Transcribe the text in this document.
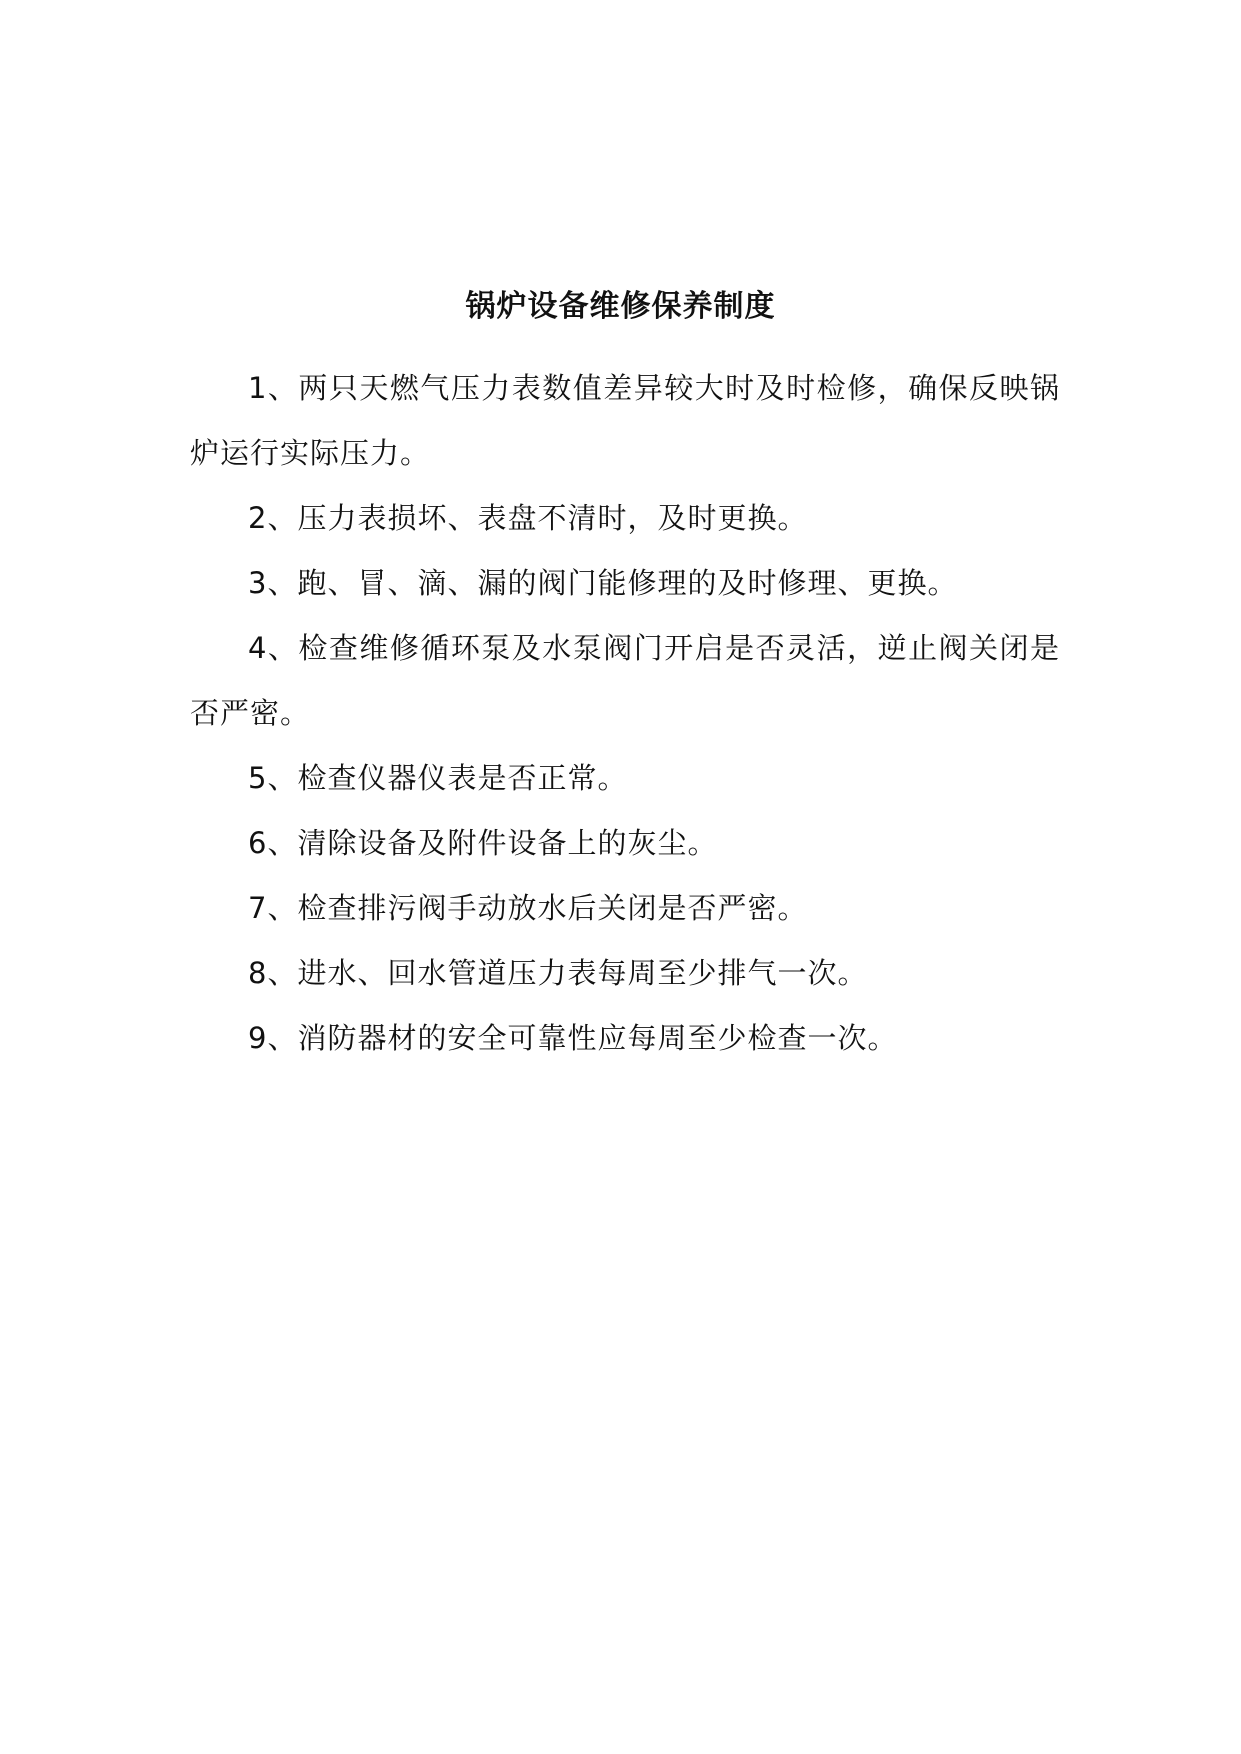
锅炉设备维修保养制度

1、两只天燃气压力表数值差异较大时及时检修，确保反映锅炉运行实际压力。

2、压力表损坏、表盘不清时，及时更换。

3、跑、冒、滴、漏的阀门能修理的及时修理、更换。

4、检查维修循环泵及水泵阀门开启是否灵活，逆止阀关闭是否严密。

5、检查仪器仪表是否正常。

6、清除设备及附件设备上的灰尘。

7、检查排污阀手动放水后关闭是否严密。

8、进水、回水管道压力表每周至少排气一次。

9、消防器材的安全可靠性应每周至少检查一次。
